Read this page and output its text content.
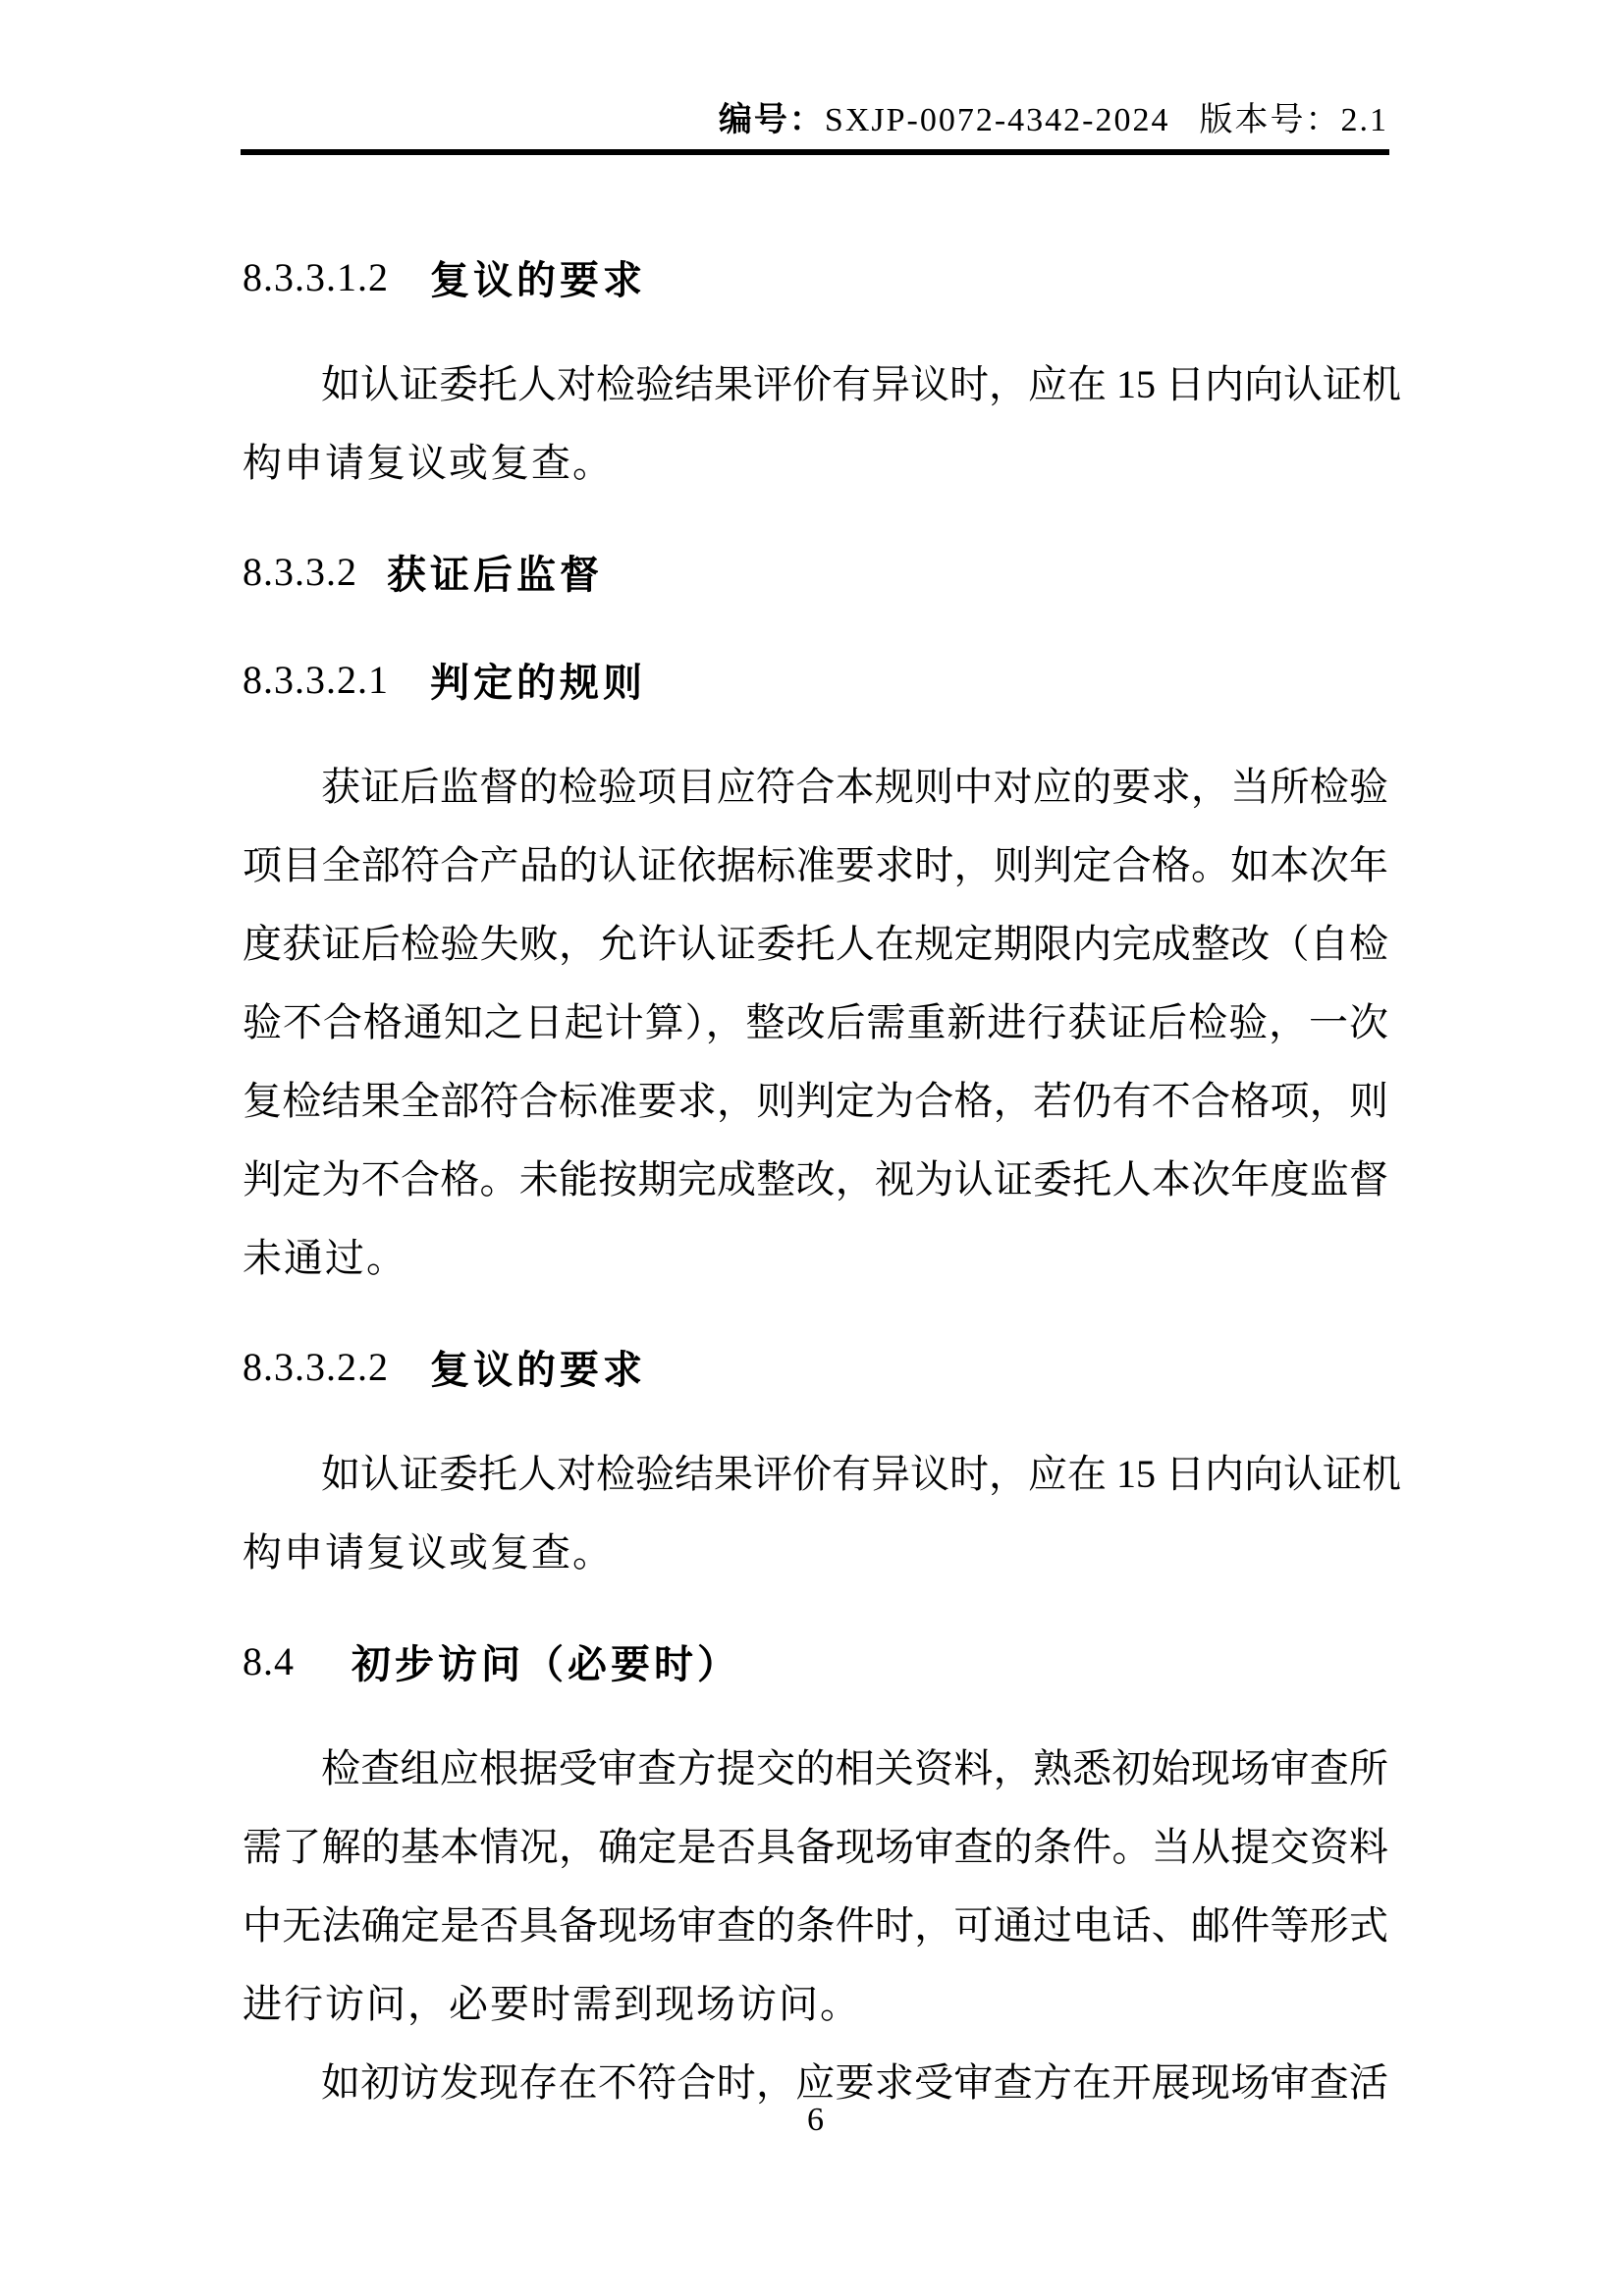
编号：SXJP-0072-4342-2024 版本号：2.1
8.3.3.1.2 复议的要求
如认证委托人对检验结果评价有异议时，应在 15 日内向认证机
构申请复议或复查。
8.3.3.2 获证后监督
8.3.3.2.1 判定的规则
获证后监督的检验项目应符合本规则中对应的要求，当所检验
项目全部符合产品的认证依据标准要求时，则判定合格。如本次年
度获证后检验失败，允许认证委托人在规定期限内完成整改（自检
验不合格通知之日起计算），整改后需重新进行获证后检验，一次
复检结果全部符合标准要求，则判定为合格，若仍有不合格项，则
判定为不合格。未能按期完成整改，视为认证委托人本次年度监督
未通过。
8.3.3.2.2 复议的要求
如认证委托人对检验结果评价有异议时，应在 15 日内向认证机
构申请复议或复查。
8.4 初步访问（必要时）
检查组应根据受审查方提交的相关资料，熟悉初始现场审查所
需了解的基本情况，确定是否具备现场审查的条件。当从提交资料
中无法确定是否具备现场审查的条件时，可通过电话、邮件等形式
进行访问，必要时需到现场访问。
如初访发现存在不符合时，应要求受审查方在开展现场审查活
6
